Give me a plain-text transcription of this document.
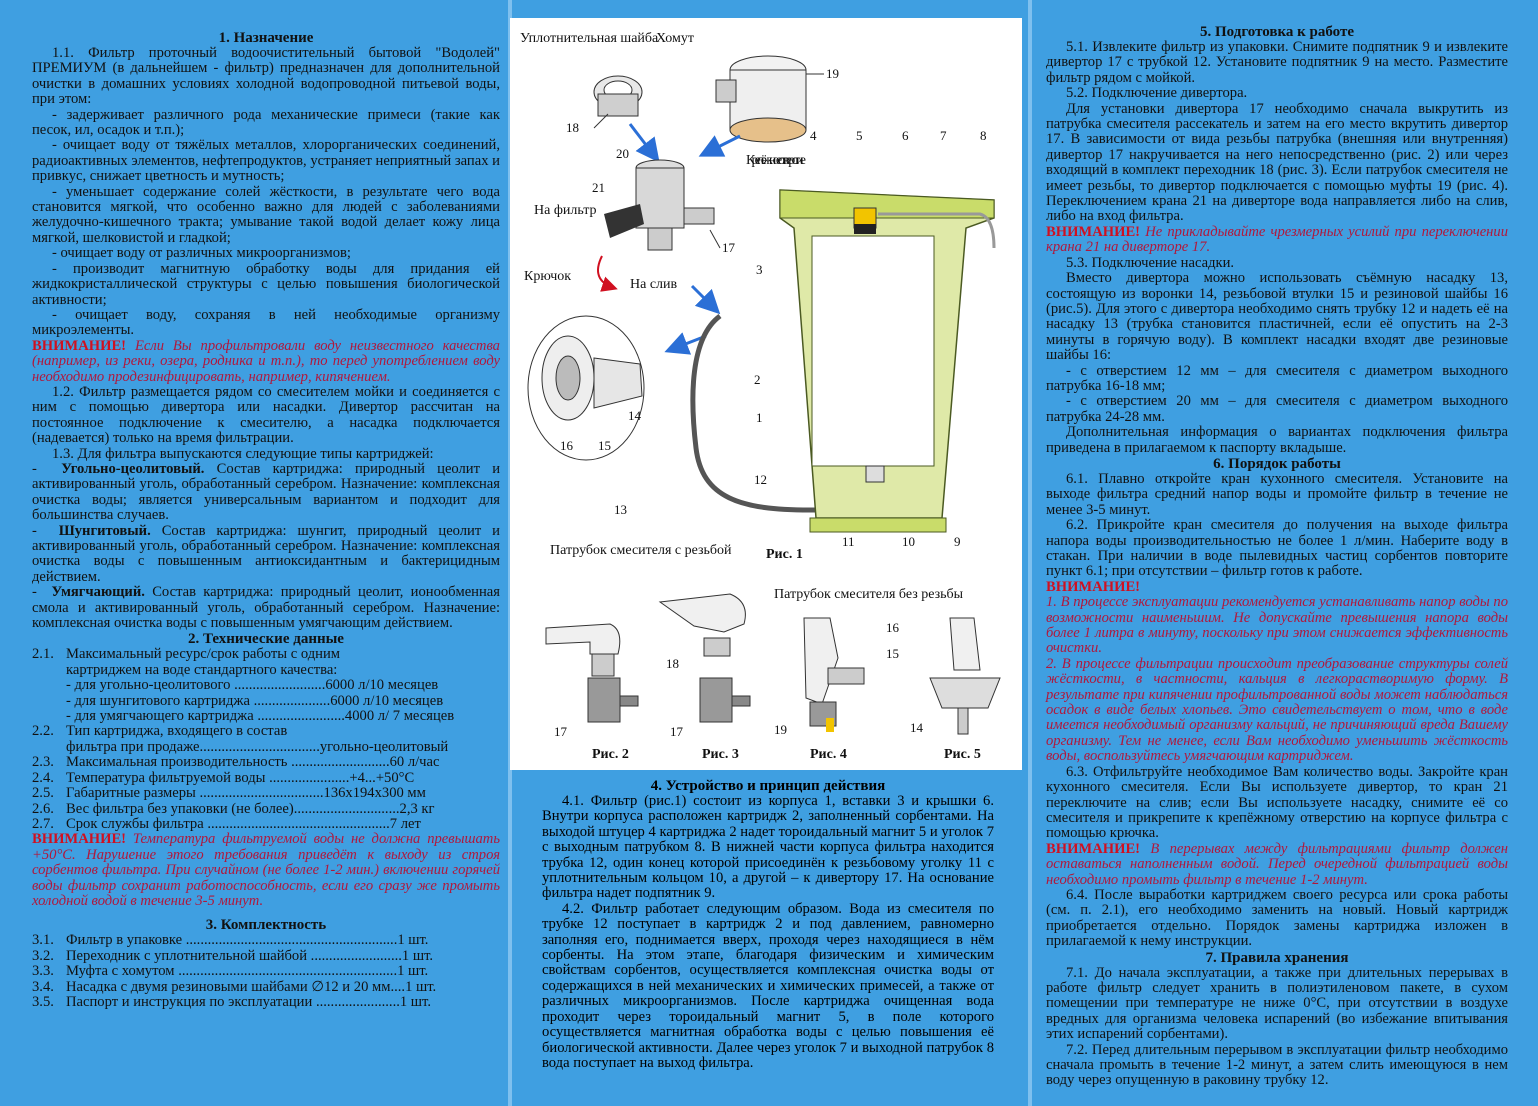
1. Назначение

1.1. Фильтр проточный водоочистительный бытовой "Водолей" ПРЕМИУМ (в дальнейшем - фильтр) предназначен для дополнительной очистки в домашних условиях холодной водопроводной питьевой воды, при этом:

- задерживает различного рода механические примеси (такие как песок, ил, осадок и т.п.);

- очищает воду от тяжёлых металлов, хлорорганических соединений, радиоактивных элементов, нефтепродуктов, устраняет неприятный запах и привкус, снижает цветность и мутность;

- уменьшает содержание солей жёсткости, в результате чего вода становится мягкой, что особенно важно для людей с заболеваниями желудочно-кишечного тракта; умывание такой водой делает кожу лица мягкой, шелковистой и гладкой;

- очищает воду от различных микроорганизмов;

- производит магнитную обработку воды для придания ей жидкокристаллической структуры с целью повышения биологической активности;

- очищает воду, сохраняя в ней необходимые организму микроэлементы.

ВНИМАНИЕ! Если Вы профильтровали воду неизвестного качества (например, из реки, озера, родника и т.п.), то перед употреблением воду необходимо продезинфицировать, например, кипячением.

1.2. Фильтр размещается рядом со смесителем мойки и соединяется с ним с помощью дивертора или насадки. Дивертор рассчитан на постоянное подключение к смесителю, а насадка подключается (надевается) только на время фильтрации.

1.3. Для фильтра выпускаются следующие типы картриджей:

-  Угольно-цеолитовый. Состав картриджа: природный цеолит и активированный уголь, обработанный серебром. Назначение: комплексная очистка воды; является универсальным вариантом и подходит для большинства случаев.

-  Шунгитовый. Состав картриджа: шунгит, природный цеолит и активированный уголь, обработанный серебром. Назначение: комплексная очистка воды с повышенным антиоксидантным и бактерицидным действием.

-  Умягчающий. Состав картриджа: природный цеолит, ионообменная смола и активированный уголь, обработанный серебром. Назначение: комплексная очистка воды с повышенным умягчающим действием.

2. Технические данные
2.1. Максимальный ресурс/срок работы с одним
картриджем на воде стандартного качества:
- для угольно-цеолитового .........................6000 л/10 месяцев
- для шунгитового картриджа .....................6000 л/10 месяцев
- для умягчающего картриджа ........................4000 л/ 7 месяцев
2.2. Тип картриджа, входящего в состав
фильтра при продаже.................................угольно-цеолитовый
2.3. Максимальная производительность ...........................60 л/час
2.4. Температура фильтруемой воды ......................+4...+50°С
2.5. Габаритные размеры ..................................136х194х300 мм
2.6. Вес фильтра без упаковки (не более).............................2,3 кг
2.7. Срок службы фильтра ..................................................7 лет

ВНИМАНИЕ! Температура фильтруемой воды не должна превышать +50°С. Нарушение этого требования приведёт к выходу из строя сорбентов фильтра. При случайном (не более 1-2 мин.) включении горячей воды фильтр сохранит работоспособность, если его сразу же промыть холодной водой в течение 3-5 минут.

3. Комплектность
3.1. Фильтр в упаковке ..........................................................1 шт.
3.2. Переходник с уплотнительной шайбой .........................1 шт.
3.3. Муфта с хомутом ............................................................1 шт.
3.4. Насадка с двумя резиновыми шайбами ∅12 и 20 мм....1 шт.
3.5. Паспорт и инструкция по эксплуатации .......................1 шт.
Уплотнительная шайба
Хомут
18
19
20
21
На фильтр
17
Крючок
На слив
14
16 15
13
12
Крепёжное отверстие
4	5	6 7	8
3
2
1
11	10	9
Рис. 1
Патрубок смесителя с резьбой
Патрубок смесителя без резьбы
17
Рис. 2
18
17
Рис. 3
19
Рис. 4
16
15
14
Рис. 5
4. Устройство и принцип действия

4.1. Фильтр (рис.1) состоит из корпуса 1, вставки 3 и крышки 6. Внутри корпуса расположен картридж 2, заполненный сорбентами. На выходой штуцер 4 картриджа 2 надет тороидальный магнит 5 и уголок 7 с выходным патрубком 8. В нижней части корпуса фильтра находится трубка 12, один конец которой присоединён к резьбовому уголку 11 с уплотнительным кольцом 10, а другой – к дивертору 17. На основание фильтра надет подпятник 9.

4.2. Фильтр работает следующим образом. Вода из смесителя по трубке 12 поступает в картридж 2 и под давлением, равномерно заполняя его, поднимается вверх, проходя через находящиеся в нём сорбенты. На этом этапе, благодаря физическим и химическим свойствам сорбентов, осуществляется комплексная очистка воды от содержащихся в ней механических и химических примесей, а также от различных микроорганизмов. После картриджа очищенная вода проходит через тороидальный магнит 5, в поле которого осуществляется магнитная обработка воды с целью повышения её биологической активности. Далее через уголок 7 и выходной патрубок 8 вода поступает на выход фильтра.

5. Подготовка к работе

5.1. Извлеките фильтр из упаковки. Снимите подпятник 9 и извлеките дивертор 17 с трубкой 12. Установите подпятник 9 на место. Разместите фильтр рядом с мойкой.

5.2. Подключение дивертора.

Для установки дивертора 17 необходимо сначала выкрутить из патрубка смесителя рассекатель и затем на его место вкрутить дивертор 17. В зависимости от вида резьбы патрубка (внешняя или внутренняя) дивертор 17 накручивается на него непосредственно (рис. 2) или через входящий в комплект переходник 18 (рис. 3). Если патрубок смесителя не имеет резьбы, то дивертор подключается с помощью муфты 19 (рис. 4). Переключением крана 21 на диверторе вода направляется либо на слив, либо на вход фильтра.

ВНИМАНИЕ! Не прикладывайте чрезмерных усилий при переключении крана 21 на диверторе 17.

5.3. Подключение насадки.

Вместо дивертора можно использовать съёмную насадку 13, состоящую из воронки 14, резьбовой втулки 15 и резиновой шайбы 16 (рис.5). Для этого с дивертора необходимо снять трубку 12 и надеть её на насадку 13 (трубка становится пластичней, если её опустить на 2-3 минуты в горячую воду). В комплект насадки входят две резиновые шайбы 16:

- с отверстием 12 мм – для смесителя с диаметром выходного патрубка 16-18 мм;

- с отверстием 20 мм – для смесителя с диаметром выходного патрубка 24-28 мм.

Дополнительная информация о вариантах подключения фильтра приведена в прилагаемом к паспорту вкладыше.

6. Порядок работы

6.1. Плавно откройте кран кухонного смесителя. Установите на выходе фильтра средний напор воды и промойте фильтр в течение не менее 3-5 минут.

6.2. Прикройте кран смесителя до получения на выходе фильтра напора воды производительностью не более 1 л/мин. Наберите воду в стакан. При наличии в воде пылевидных частиц сорбентов повторите пункт 6.1; при отсутствии – фильтр готов к работе.

ВНИМАНИЕ!

1. В процессе эксплуатации рекомендуется устанавливать напор воды по возможности наименьшим. Не допускайте превышения напора воды более 1 литра в минуту, поскольку при этом снижается эффективность очистки.

2. В процессе фильтрации происходит преобразование структуры солей жёсткости, в частности, кальция в легкорастворимую форму. В результате при кипячении профильтрованной воды может наблюдаться осадок в виде белых хлопьев. Это свидетельствует о том, что в воде имеется необходимый организму кальций, не причиняющий вреда Вашему организму. Тем не менее, если Вам необходимо уменьшить жёсткость воды, воспользуйтесь умягчающим картриджем.

6.3. Отфильтруйте необходимое Вам количество воды. Закройте кран кухонного смесителя. Если Вы используете дивертор, то кран 21 переключите на слив; если Вы используете насадку, снимите её со смесителя и прикрепите к крепёжному отверстию на корпусе фильтра с помощью крючка.

ВНИМАНИЕ! В перерывах между фильтрациями фильтр должен оставаться наполненным водой. Перед очередной фильтрацией воды необходимо промыть фильтр в течение 1-2 минут.

6.4. После выработки картриджем своего ресурса или срока работы (см. п. 2.1), его необходимо заменить на новый. Новый картридж приобретается отдельно. Порядок замены картриджа изложен в прилагаемой к нему инструкции.

7. Правила хранения

7.1. До начала эксплуатации, а также при длительных перерывах в работе фильтр следует хранить в полиэтиленовом пакете, в сухом помещении при температуре не ниже 0°С, при отсутствии в воздухе вредных для организма человека испарений (во избежание впитывания этих испарений сорбентами).

7.2. Перед длительным перерывом в эксплуатации фильтр необходимо сначала промыть в течение 1-2 минут, а затем слить имеющуюся в нем воду через опущенную в раковину трубку 12.
